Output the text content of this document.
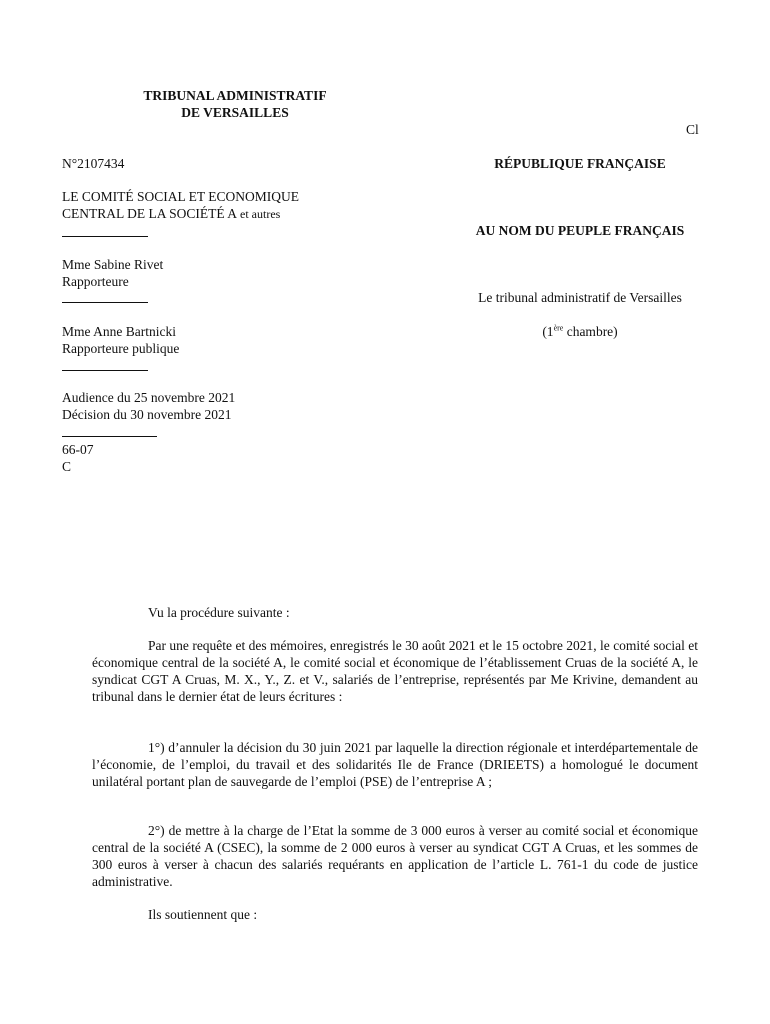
TRIBUNAL ADMINISTRATIF
DE VERSAILLES
Cl
N°2107434
LE COMITÉ SOCIAL ET ECONOMIQUE
CENTRAL DE LA SOCIÉTÉ A et autres
Mme Sabine Rivet
Rapporteure
Mme Anne Bartnicki
Rapporteure publique
Audience du 25 novembre 2021
Décision du 30 novembre 2021
66-07
C
RÉPUBLIQUE FRANÇAISE
AU NOM DU PEUPLE FRANÇAIS
Le tribunal administratif de Versailles
(1ère chambre)
Vu la procédure suivante :
Par une requête et des mémoires, enregistrés le 30 août 2021 et le 15 octobre 2021, le comité social et économique central de la société A, le comité social et économique de l’établissement Cruas de la société A, le syndicat CGT A Cruas, M. X., Y., Z. et V., salariés de l’entreprise, représentés par Me Krivine, demandent au tribunal dans le dernier état de leurs écritures :
1°) d’annuler la décision du 30 juin 2021 par laquelle la direction régionale et interdépartementale de l’économie, de l’emploi, du travail et des solidarités Ile de France (DRIEETS) a homologué le document unilatéral portant plan de sauvegarde de l’emploi (PSE) de l’entreprise A ;
2°) de mettre à la charge de l’Etat la somme de 3 000 euros à verser au comité social et économique central de la société A (CSEC), la somme de 2 000 euros à verser au syndicat CGT A Cruas, et les sommes de 300 euros à verser à chacun des salariés requérants en application de l’article L. 761-1 du code de justice administrative.
Ils soutiennent que :
